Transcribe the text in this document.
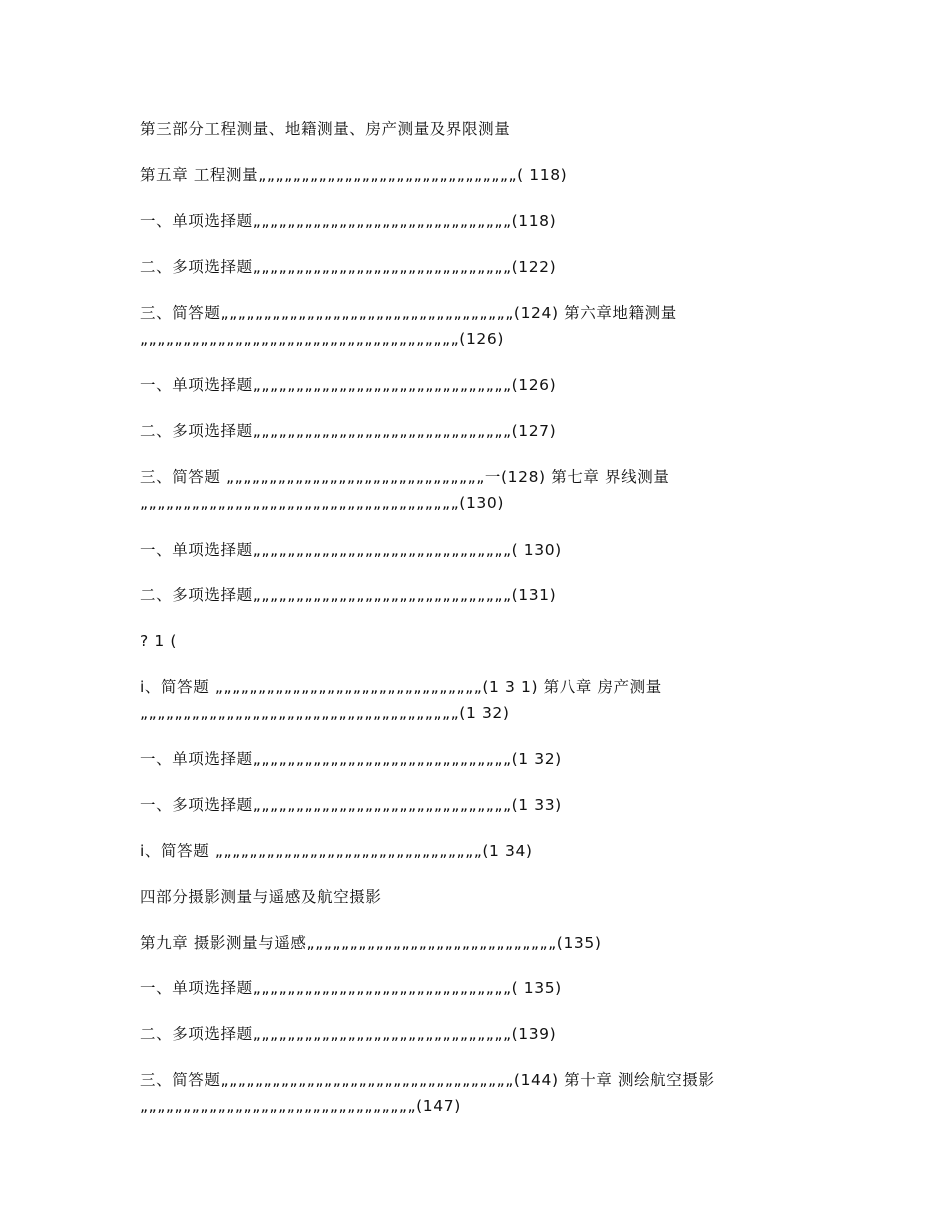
第三部分工程测量、地籍测量、房产测量及界限测量
第五章 工程测量„„„„„„„„„„„„„„„„„„„„„„„„„„„„„„( 118)
一、单项选择题„„„„„„„„„„„„„„„„„„„„„„„„„„„„„„(118)
二、多项选择题„„„„„„„„„„„„„„„„„„„„„„„„„„„„„„(122)
三、简答题„„„„„„„„„„„„„„„„„„„„„„„„„„„„„„„„„„(124) 第六章地籍测量„„„„„„„„„„„„„„„„„„„„„„„„„„„„„„„„„„„„„(126)
一、单项选择题„„„„„„„„„„„„„„„„„„„„„„„„„„„„„„(126)
二、多项选择题„„„„„„„„„„„„„„„„„„„„„„„„„„„„„„(127)
三、简答题 „„„„„„„„„„„„„„„„„„„„„„„„„„„„„„一(128) 第七章 界线测量„„„„„„„„„„„„„„„„„„„„„„„„„„„„„„„„„„„„„(130)
一、单项选择题„„„„„„„„„„„„„„„„„„„„„„„„„„„„„„( 130)
二、多项选择题„„„„„„„„„„„„„„„„„„„„„„„„„„„„„„(131)
? 1 (
i、简答题 „„„„„„„„„„„„„„„„„„„„„„„„„„„„„„„(1 3 1) 第八章 房产测量„„„„„„„„„„„„„„„„„„„„„„„„„„„„„„„„„„„„„(1 32)
一、单项选择题„„„„„„„„„„„„„„„„„„„„„„„„„„„„„„(1 32)
一、多项选择题„„„„„„„„„„„„„„„„„„„„„„„„„„„„„„(1 33)
i、简答题 „„„„„„„„„„„„„„„„„„„„„„„„„„„„„„„(1 34)
四部分摄影测量与遥感及航空摄影
第九章 摄影测量与遥感„„„„„„„„„„„„„„„„„„„„„„„„„„„„„(135)
一、单项选择题„„„„„„„„„„„„„„„„„„„„„„„„„„„„„„( 135)
二、多项选择题„„„„„„„„„„„„„„„„„„„„„„„„„„„„„„(139)
三、简答题„„„„„„„„„„„„„„„„„„„„„„„„„„„„„„„„„„(144) 第十章 测绘航空摄影„„„„„„„„„„„„„„„„„„„„„„„„„„„„„„„„(147)
